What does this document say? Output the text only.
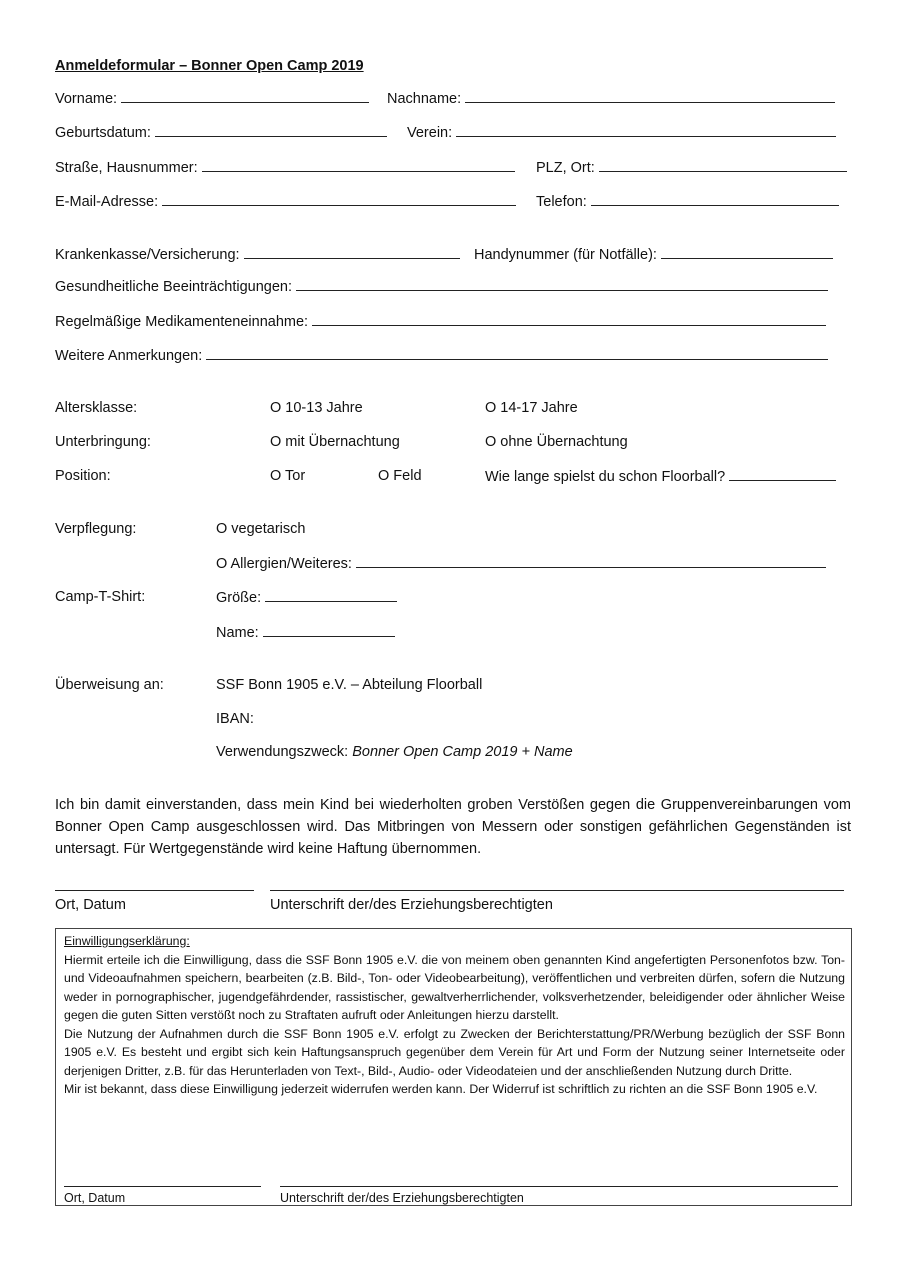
Anmeldeformular – Bonner Open Camp 2019
Vorname:	Nachname:
Geburtsdatum:	Verein:
Straße, Hausnummer:	PLZ, Ort:
E-Mail-Adresse:	Telefon:
Krankenkasse/Versicherung:	Handynummer (für Notfälle):
Gesundheitliche Beeinträchtigungen:
Regelmäßige Medikamenteneinnahme:
Weitere Anmerkungen:
Altersklasse:	O 10-13 Jahre	O 14-17 Jahre
Unterbringung:	O mit Übernachtung	O ohne Übernachtung
Position:	O Tor	O Feld	Wie lange spielst du schon Floorball?
Verpflegung:	O vegetarisch
O Allergien/Weiteres:
Camp-T-Shirt:	Größe:
Name:
Überweisung an:	SSF Bonn 1905 e.V. – Abteilung Floorball
IBAN:
Verwendungszweck: Bonner Open Camp 2019 + Name
Ich bin damit einverstanden, dass mein Kind bei wiederholten groben Verstößen gegen die Gruppenvereinbarungen vom Bonner Open Camp ausgeschlossen wird. Das Mitbringen von Messern oder sonstigen gefährlichen Gegenständen ist untersagt. Für Wertgegenstände wird keine Haftung übernommen.
Ort, Datum	Unterschrift der/des Erziehungsberechtigten
Einwilligungserklärung:
Hiermit erteile ich die Einwilligung, dass die SSF Bonn 1905 e.V. die von meinem oben genannten Kind angefertigten Personenfotos bzw. Ton- und Videoaufnahmen speichern, bearbeiten (z.B. Bild-, Ton- oder Videobearbeitung), veröffentlichen und verbreiten dürfen, sofern die Nutzung weder in pornographischer, jugendgefährdender, rassistischer, gewaltverherrlichender, volksverhetzender, beleidigender oder ähnlicher Weise gegen die guten Sitten verstößt noch zu Straftaten aufruft oder Anleitungen hierzu darstellt.
Die Nutzung der Aufnahmen durch die SSF Bonn 1905 e.V. erfolgt zu Zwecken der Berichterstattung/PR/Werbung bezüglich der SSF Bonn 1905 e.V. Es besteht und ergibt sich kein Haftungsanspruch gegenüber dem Verein für Art und Form der Nutzung seiner Internetseite oder derjenigen Dritter, z.B. für das Herunterladen von Text-, Bild-, Audio- oder Videodateien und der anschließenden Nutzung durch Dritte.
Mir ist bekannt, dass diese Einwilligung jederzeit widerrufen werden kann. Der Widerruf ist schriftlich zu richten an die SSF Bonn 1905 e.V.
Ort, Datum	Unterschrift der/des Erziehungsberechtigten
